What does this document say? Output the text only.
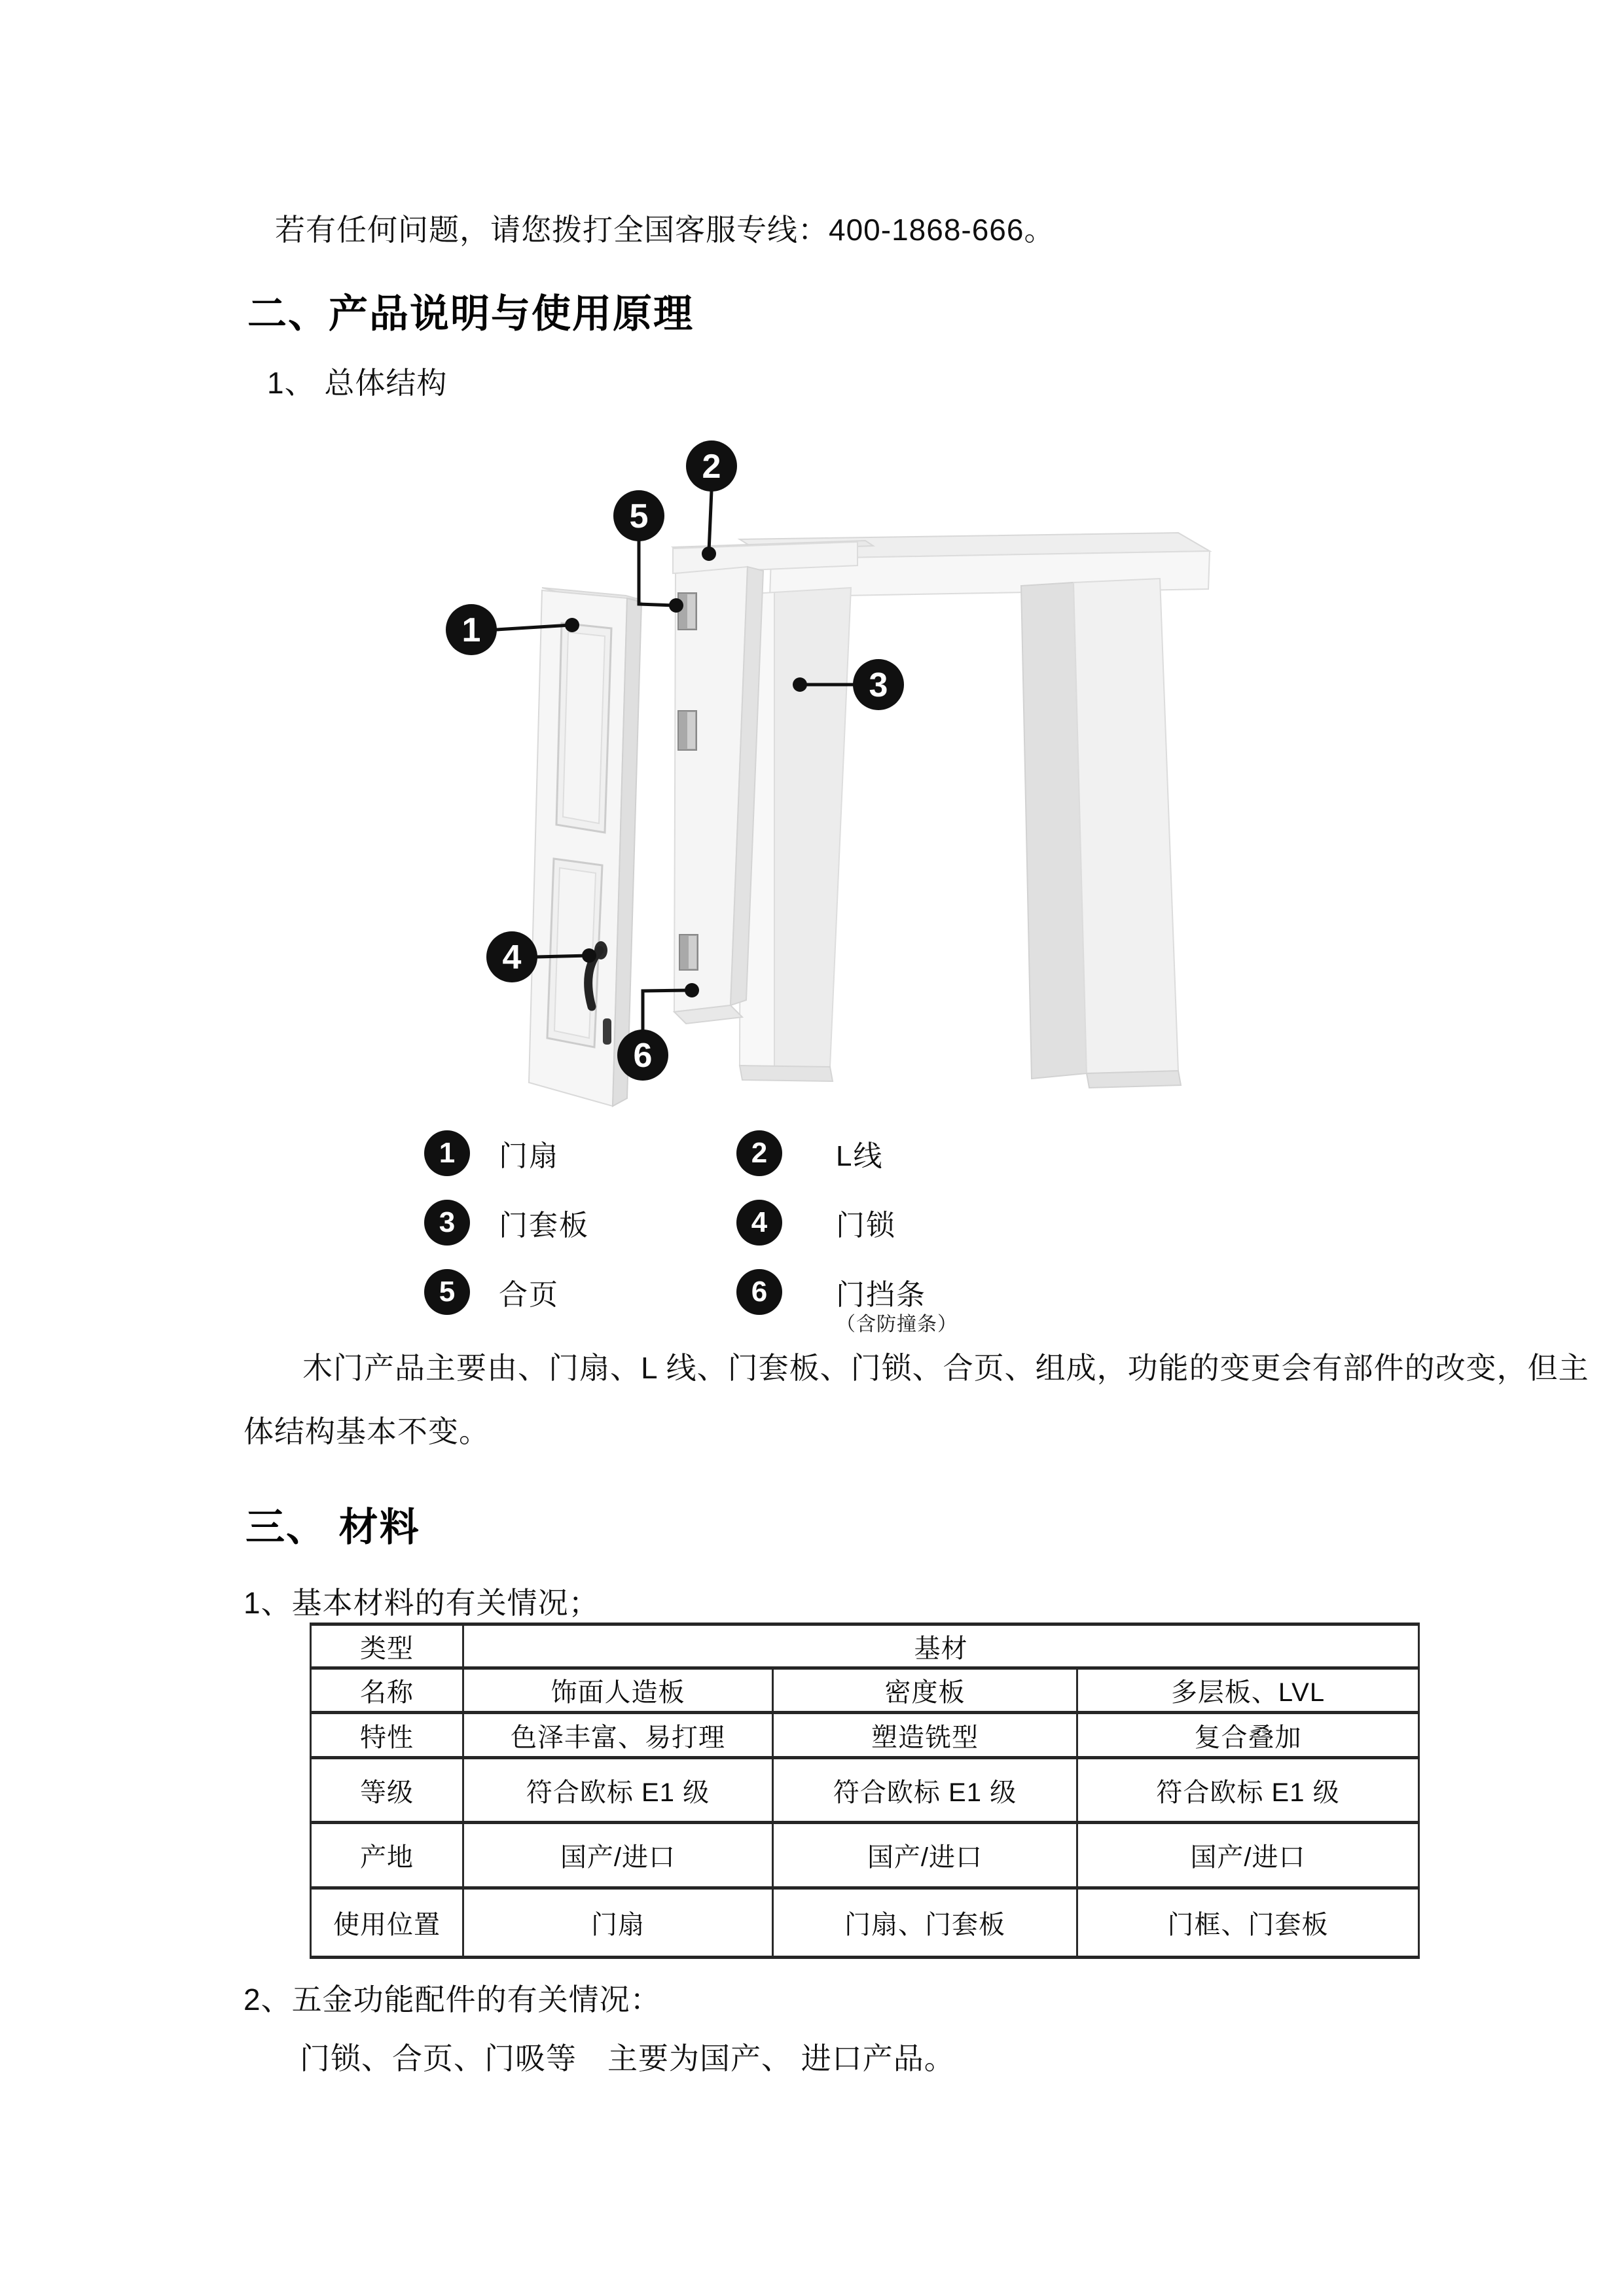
若有任何问题，请您拨打全国客服专线：400-1868-666。
二、产品说明与使用原理
1、 总体结构
1
2
3
4
5
6
1	门扇	2	L线
3	门套板	4	门锁
5	合页	6	门挡条
（含防撞条）
木门产品主要由、门扇、L 线、门套板、门锁、合页、组成，功能的变更会有部件的改变，但主
体结构基本不变。
三、 材料
1、基本材料的有关情况；
类型	基材		
名称	饰面人造板	密度板	多层板、LVL
特性	色泽丰富、易打理	塑造铣型	复合叠加
等级	符合欧标 E1 级	符合欧标 E1 级	符合欧标 E1 级
产地	国产/进口	国产/进口	国产/进口
使用位置	门扇	门扇、门套板	门框、门套板
2、五金功能配件的有关情况：
门锁、合页、门吸等　主要为国产、 进口产品。
